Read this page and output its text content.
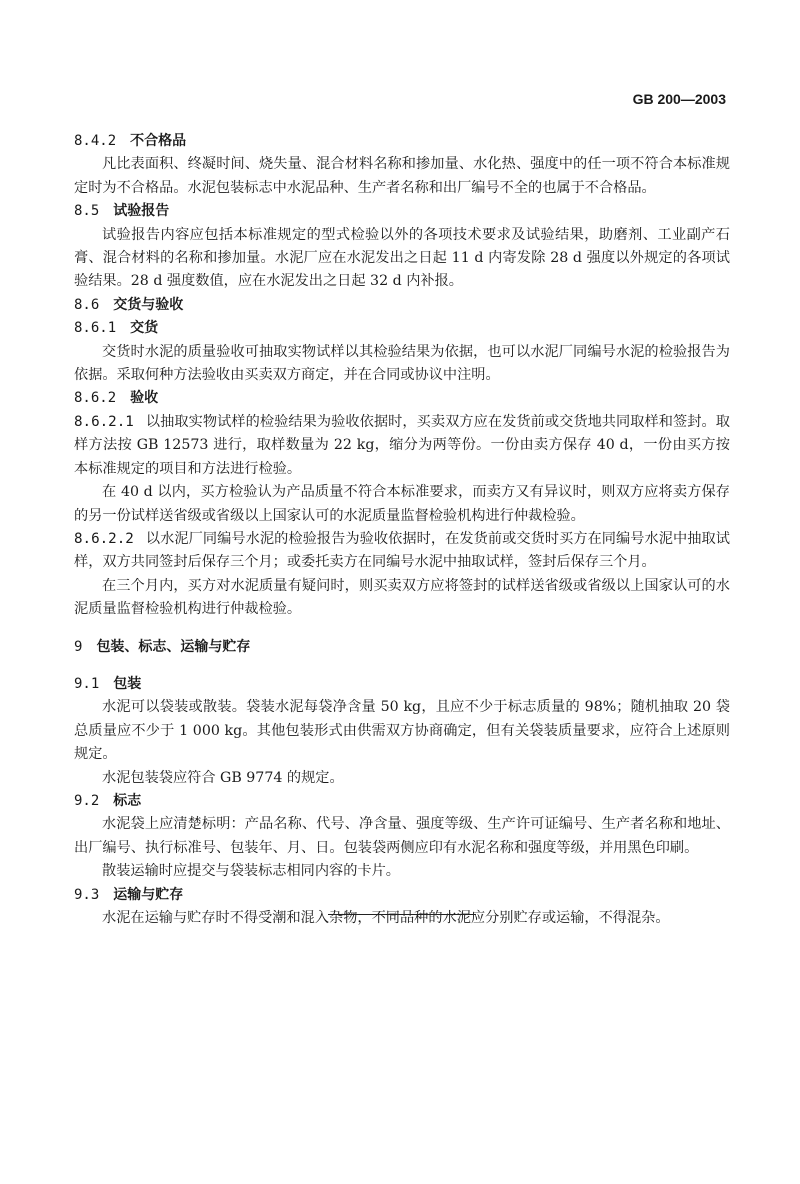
GB 200—2003
8.4.2 不合格品
凡比表面积、终凝时间、烧失量、混合材料名称和掺加量、水化热、强度中的任一项不符合本标准规定时为不合格品。水泥包装标志中水泥品种、生产者名称和出厂编号不全的也属于不合格品。
8.5 试验报告
试验报告内容应包括本标准规定的型式检验以外的各项技术要求及试验结果，助磨剂、工业副产石膏、混合材料的名称和掺加量。水泥厂应在水泥发出之日起 11 d 内寄发除 28 d 强度以外规定的各项试验结果。28 d 强度数值，应在水泥发出之日起 32 d 内补报。
8.6 交货与验收
8.6.1 交货
交货时水泥的质量验收可抽取实物试样以其检验结果为依据，也可以水泥厂同编号水泥的检验报告为依据。采取何种方法验收由买卖双方商定，并在合同或协议中注明。
8.6.2 验收
8.6.2.1 以抽取实物试样的检验结果为验收依据时，买卖双方应在发货前或交货地共同取样和签封。取样方法按 GB 12573 进行，取样数量为 22 kg，缩分为两等份。一份由卖方保存 40 d，一份由买方按本标准规定的项目和方法进行检验。
在 40 d 以内，买方检验认为产品质量不符合本标准要求，而卖方又有异议时，则双方应将卖方保存的另一份试样送省级或省级以上国家认可的水泥质量监督检验机构进行仲裁检验。
8.6.2.2 以水泥厂同编号水泥的检验报告为验收依据时，在发货前或交货时买方在同编号水泥中抽取试样，双方共同签封后保存三个月；或委托卖方在同编号水泥中抽取试样，签封后保存三个月。
在三个月内，买方对水泥质量有疑问时，则买卖双方应将签封的试样送省级或省级以上国家认可的水泥质量监督检验机构进行仲裁检验。
9 包装、标志、运输与贮存
9.1 包装
水泥可以袋装或散装。袋装水泥每袋净含量 50 kg，且应不少于标志质量的 98%；随机抽取 20 袋总质量应不少于 1 000 kg。其他包装形式由供需双方协商确定，但有关袋装质量要求，应符合上述原则规定。
水泥包装袋应符合 GB 9774 的规定。
9.2 标志
水泥袋上应清楚标明：产品名称、代号、净含量、强度等级、生产许可证编号、生产者名称和地址、出厂编号、执行标准号、包装年、月、日。包装袋两侧应印有水泥名称和强度等级，并用黑色印刷。
散装运输时应提交与袋装标志相同内容的卡片。
9.3 运输与贮存
水泥在运输与贮存时不得受潮和混入杂物，不同品种的水泥应分别贮存或运输，不得混杂。
